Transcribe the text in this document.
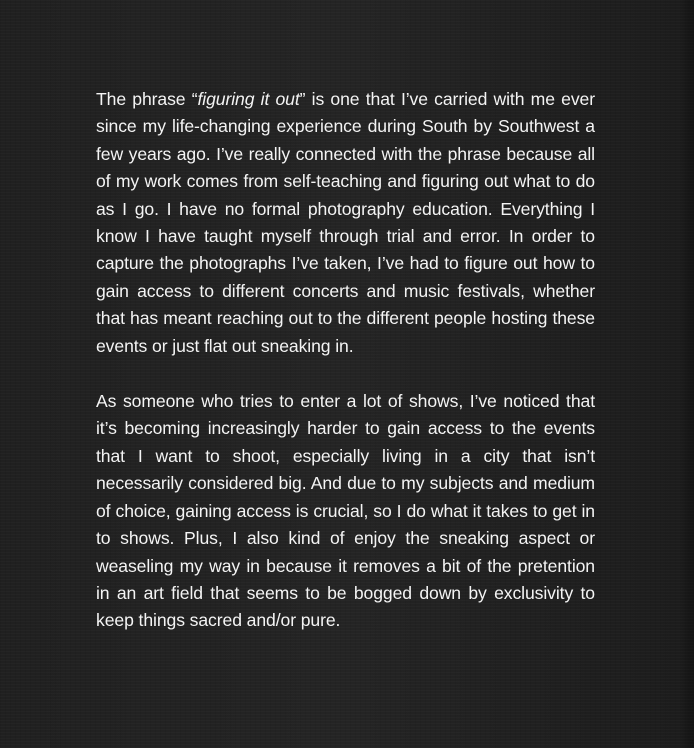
The phrase “figuring it out” is one that I’ve carried with me ever since my life-changing experience during South by Southwest a few years ago. I’ve really connected with the phrase because all of my work comes from self-teaching and figuring out what to do as I go. I have no formal photography education. Everything I know I have taught myself through trial and error. In order to capture the photographs I’ve taken, I’ve had to figure out how to gain access to different concerts and music festivals, whether that has meant reaching out to the different people hosting these events or just flat out sneaking in.

As someone who tries to enter a lot of shows, I’ve noticed that it’s becoming increasingly harder to gain access to the events that I want to shoot, especially living in a city that isn’t necessarily considered big. And due to my subjects and medium of choice, gaining access is crucial, so I do what it takes to get in to shows. Plus, I also kind of enjoy the sneaking aspect or weaseling my way in because it removes a bit of the pretention in an art field that seems to be bogged down by exclusivity to keep things sacred and/or pure.
